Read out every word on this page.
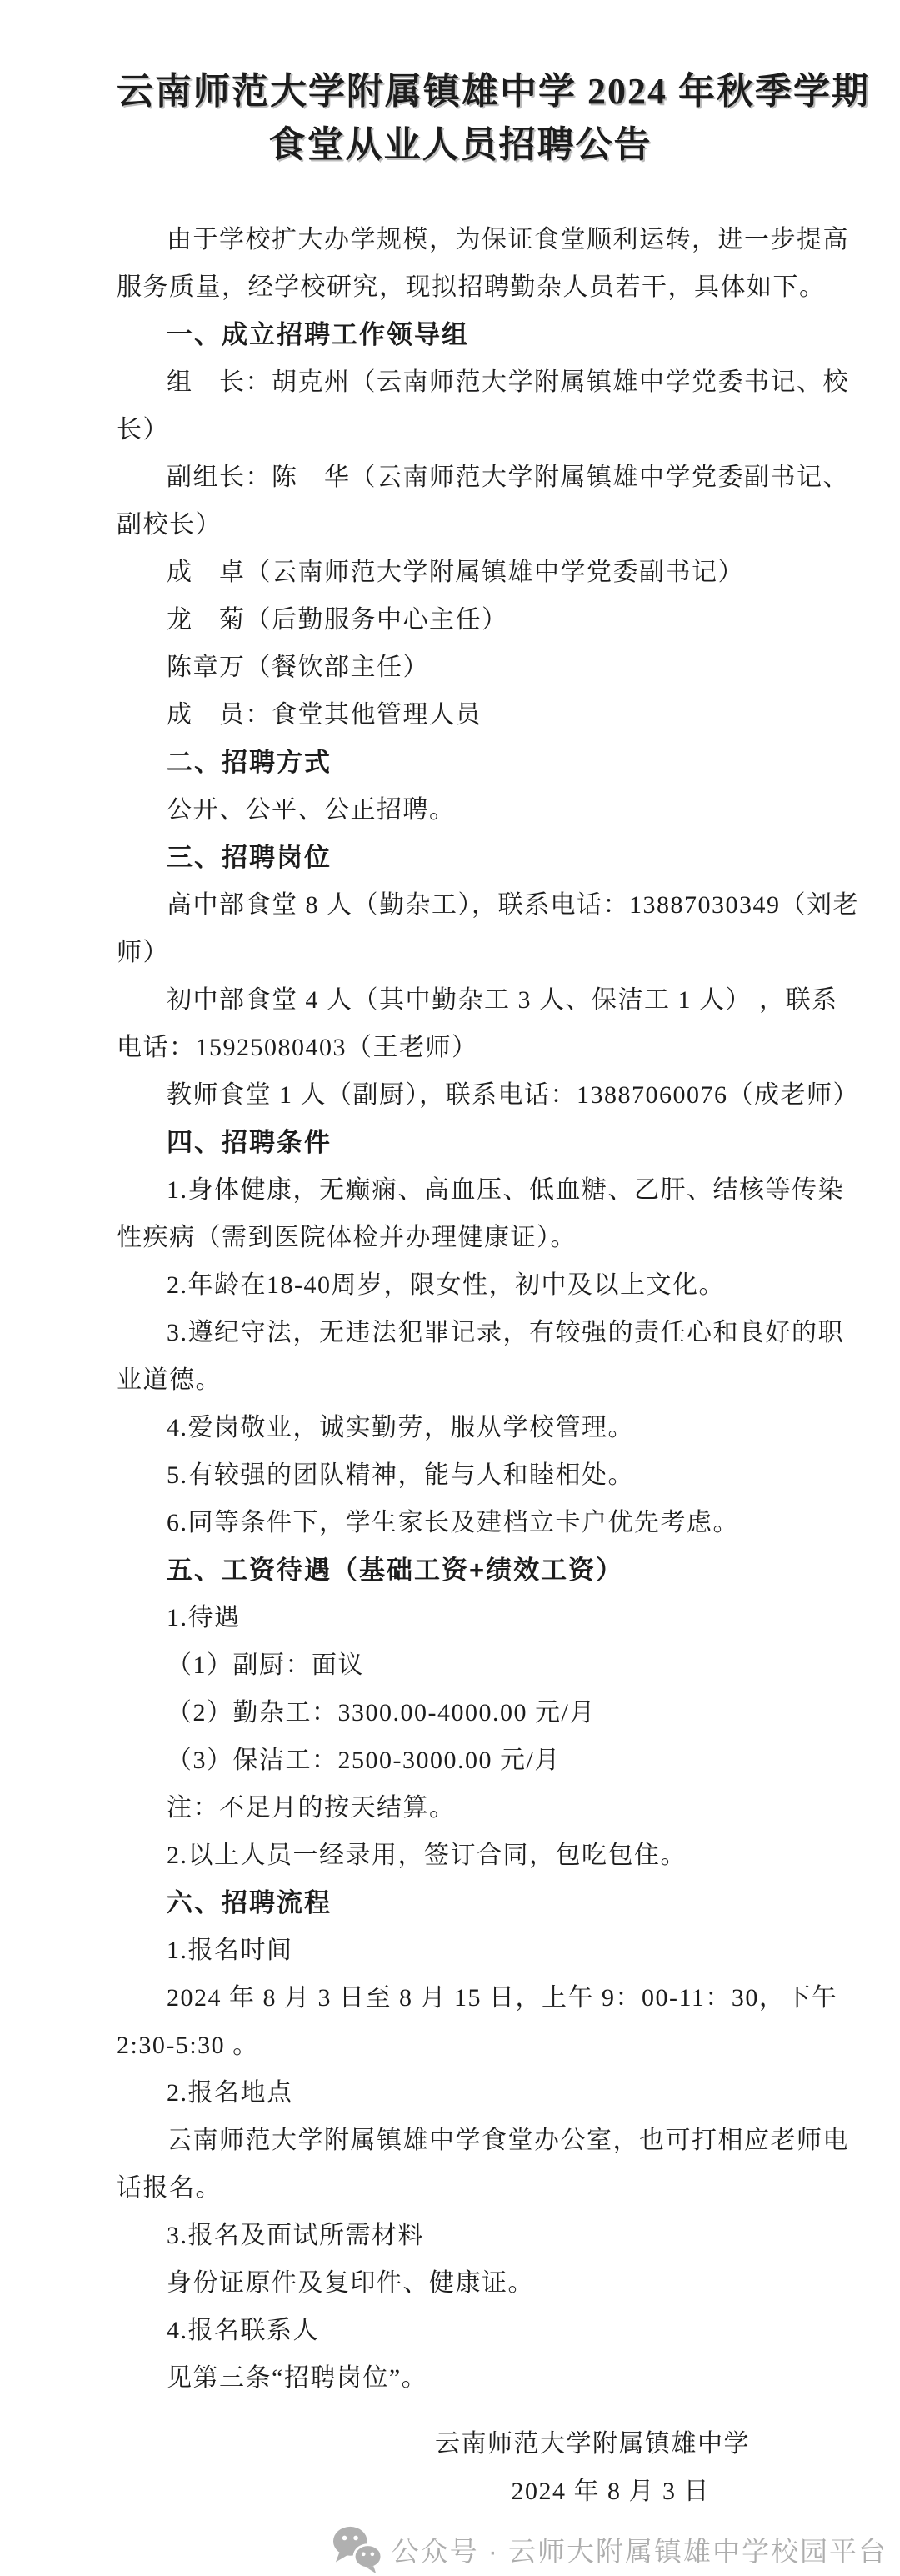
云南师范大学附属镇雄中学 2024 年秋季学期
食堂从业人员招聘公告
由于学校扩大办学规模，为保证食堂顺利运转，进一步提高
服务质量，经学校研究，现拟招聘勤杂人员若干，具体如下。
一、成立招聘工作领导组
组　长：胡克州（云南师范大学附属镇雄中学党委书记、校
长）
副组长：陈　华（云南师范大学附属镇雄中学党委副书记、
副校长）
成　卓（云南师范大学附属镇雄中学党委副书记）
龙　菊（后勤服务中心主任）
陈章万（餐饮部主任）
成　员：食堂其他管理人员
二、招聘方式
公开、公平、公正招聘。
三、招聘岗位
高中部食堂 8 人（勤杂工），联系电话：13887030349（刘老
师）
初中部食堂 4 人（其中勤杂工 3 人、保洁工 1 人） ，联系
电话：15925080403（王老师）
教师食堂 1 人（副厨），联系电话：13887060076（成老师）
四、招聘条件
1.身体健康，无癫痫、高血压、低血糖、乙肝、结核等传染
性疾病（需到医院体检并办理健康证）。
2.年龄在18-40周岁，限女性，初中及以上文化。
3.遵纪守法，无违法犯罪记录，有较强的责任心和良好的职
业道德。
4.爱岗敬业，诚实勤劳，服从学校管理。
5.有较强的团队精神，能与人和睦相处。
6.同等条件下，学生家长及建档立卡户优先考虑。
五、工资待遇（基础工资+绩效工资）
1.待遇
（1）副厨：面议
（2）勤杂工：3300.00-4000.00 元/月
（3）保洁工：2500-3000.00 元/月
注：不足月的按天结算。
2.以上人员一经录用，签订合同，包吃包住。
六、招聘流程
1.报名时间
2024 年 8 月 3 日至 8 月 15 日，上午 9：00-11：30，下午
2:30-5:30 。
2.报名地点
云南师范大学附属镇雄中学食堂办公室，也可打相应老师电
话报名。
3.报名及面试所需材料
身份证原件及复印件、健康证。
4.报名联系人
见第三条“招聘岗位”。
云南师范大学附属镇雄中学
2024 年 8 月 3 日
公众号 · 云师大附属镇雄中学校园平台
